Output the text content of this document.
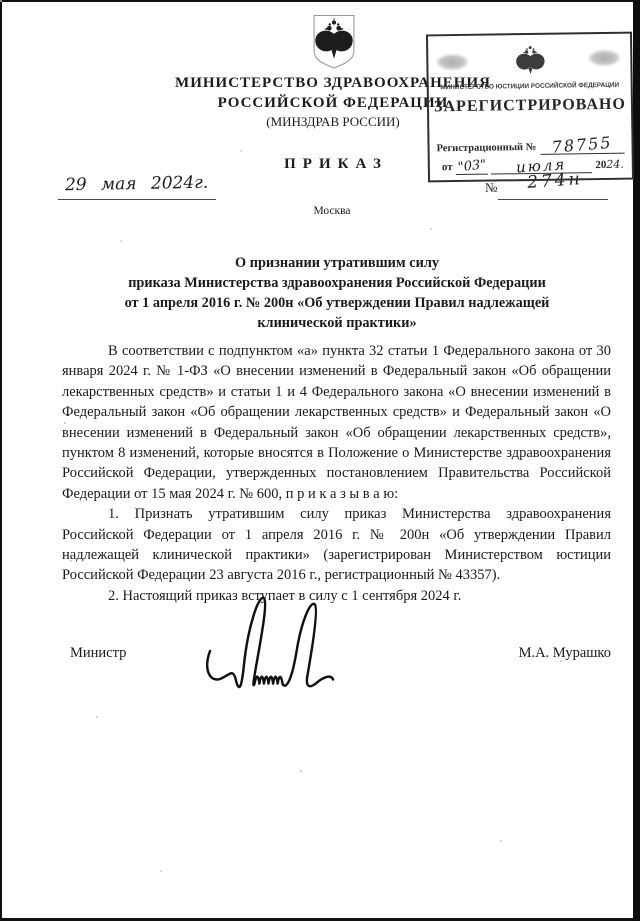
МИНИСТЕРСТВО ЗДРАВООХРАНЕНИЯ
РОССИЙСКОЙ ФЕДЕРАЦИИ
(МИНЗДРАВ РОССИИ)
МИНИСТЕРСТВО ЮСТИЦИИ РОССИЙСКОЙ ФЕДЕРАЦИИ
ЗАРЕГИСТРИРОВАНО
Регистрационный № 78755
от "03"	июля	2024.
ПРИКАЗ
29 мая 2024г.	№	274н
Москва
О признании утратившим силу
приказа Министерства здравоохранения Российской Федерации
от 1 апреля 2016 г. № 200н «Об утверждении Правил надлежащей
клинической практики»

В соответствии с подпунктом «а» пункта 32 статьи 1 Федерального закона от 30 января 2024 г. № 1-ФЗ «О внесении изменений в Федеральный закон «Об обращении лекарственных средств» и статьи 1 и 4 Федерального закона «О внесении изменений в Федеральный закон «Об обращении лекарственных средств» и Федеральный закон «О внесении изменений в Федеральный закон «Об обращении лекарственных средств», пунктом 8 изменений, которые вносятся в Положение о Министерстве здравоохранения Российской Федерации, утвержденных постановлением Правительства Российской Федерации от 15 мая 2024 г. № 600, п р и к а з ы в а ю:

1. Признать утратившим силу приказ Министерства здравоохранения Российской Федерации от 1 апреля 2016 г. № 200н «Об утверждении Правил надлежащей клинической практики» (зарегистрирован Министерством юстиции Российской Федерации 23 августа 2016 г., регистрационный № 43357).

2. Настоящий приказ вступает в силу с 1 сентября 2024 г.

Министр	М.А. Мурашко
